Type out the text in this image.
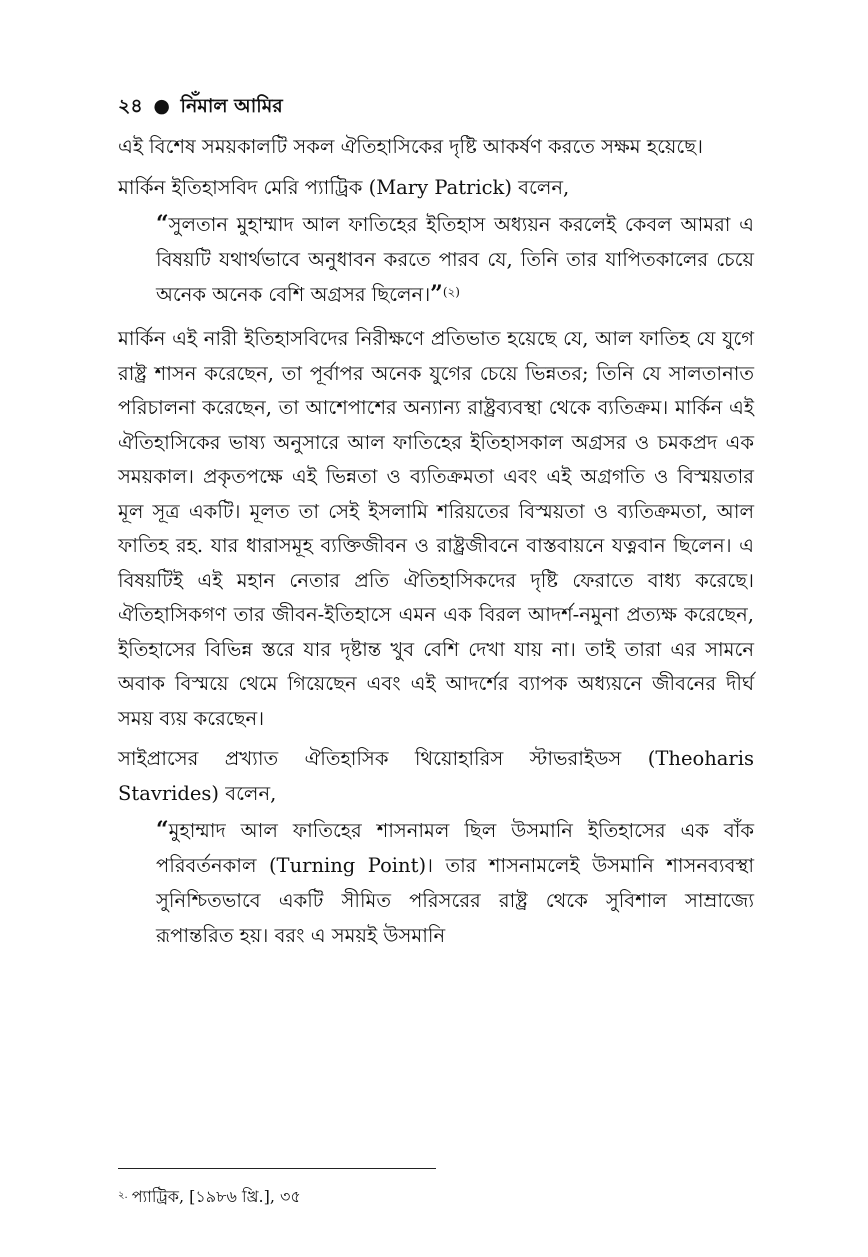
২৪ ● নিঁমাল আমির

এই বিশেষ সময়কালটি সকল ঐতিহাসিকের দৃষ্টি আকর্ষণ করতে সক্ষম হয়েছে।

মার্কিন ইতিহাসবিদ মেরি প্যাট্রিক (Mary Patrick) বলেন,

“সুলতান মুহাম্মাদ আল ফাতিহের ইতিহাস অধ্যয়ন করলেই কেবল আমরা এ বিষয়টি যথার্থভাবে অনুধাবন করতে পারব যে, তিনি তার যাপিতকালের চেয়ে অনেক অনেক বেশি অগ্রসর ছিলেন।”$^{(২)}$

মার্কিন এই নারী ইতিহাসবিদের নিরীক্ষণে প্রতিভাত হয়েছে যে, আল ফাতিহ যে যুগে রাষ্ট্র শাসন করেছেন, তা পূর্বাপর অনেক যুগের চেয়ে ভিন্নতর; তিনি যে সালতানাত পরিচালনা করেছেন, তা আশেপাশের অন্যান্য রাষ্ট্রব্যবস্থা থেকে ব্যতিক্রম। মার্কিন এই ঐতিহাসিকের ভাষ্য অনুসারে আল ফাতিহের ইতিহাসকাল অগ্রসর ও চমকপ্রদ এক সময়কাল। প্রকৃতপক্ষে এই ভিন্নতা ও ব্যতিক্রমতা এবং এই অগ্রগতি ও বিস্ময়তার মূল সূত্র একটি। মূলত তা সেই ইসলামি শরিয়তের বিস্ময়তা ও ব্যতিক্রমতা, আল ফাতিহ রহ. যার ধারাসমূহ ব্যক্তিজীবন ও রাষ্ট্রজীবনে বাস্তবায়নে যত্নবান ছিলেন। এ বিষয়টিই এই মহান নেতার প্রতি ঐতিহাসিকদের দৃষ্টি ফেরাতে বাধ্য করেছে। ঐতিহাসিকগণ তার জীবন-ইতিহাসে এমন এক বিরল আদর্শ-নমুনা প্রত্যক্ষ করেছেন, ইতিহাসের বিভিন্ন স্তরে যার দৃষ্টান্ত খুব বেশি দেখা যায় না। তাই তারা এর সামনে অবাক বিস্ময়ে থেমে গিয়েছেন এবং এই আদর্শের ব্যাপক অধ্যয়নে জীবনের দীর্ঘ সময় ব্যয় করেছেন।

সাইপ্রাসের প্রখ্যাত ঐতিহাসিক থিয়োহারিস স্টাভরাইডস (Theoharis Stavrides) বলেন,

“মুহাম্মাদ আল ফাতিহের শাসনামল ছিল উসমানি ইতিহাসের এক বাঁক পরিবর্তনকাল (Turning Point)। তার শাসনামলেই উসমানি শাসনব্যবস্থা সুনিশ্চিতভাবে একটি সীমিত পরিসরের রাষ্ট্র থেকে সুবিশাল সাম্রাজ্যে রূপান্তরিত হয়। বরং এ সময়ই উসমানি

$^{২.}$ প্যাট্রিক, [১৯৮৬ খ্রি.], ৩৫
